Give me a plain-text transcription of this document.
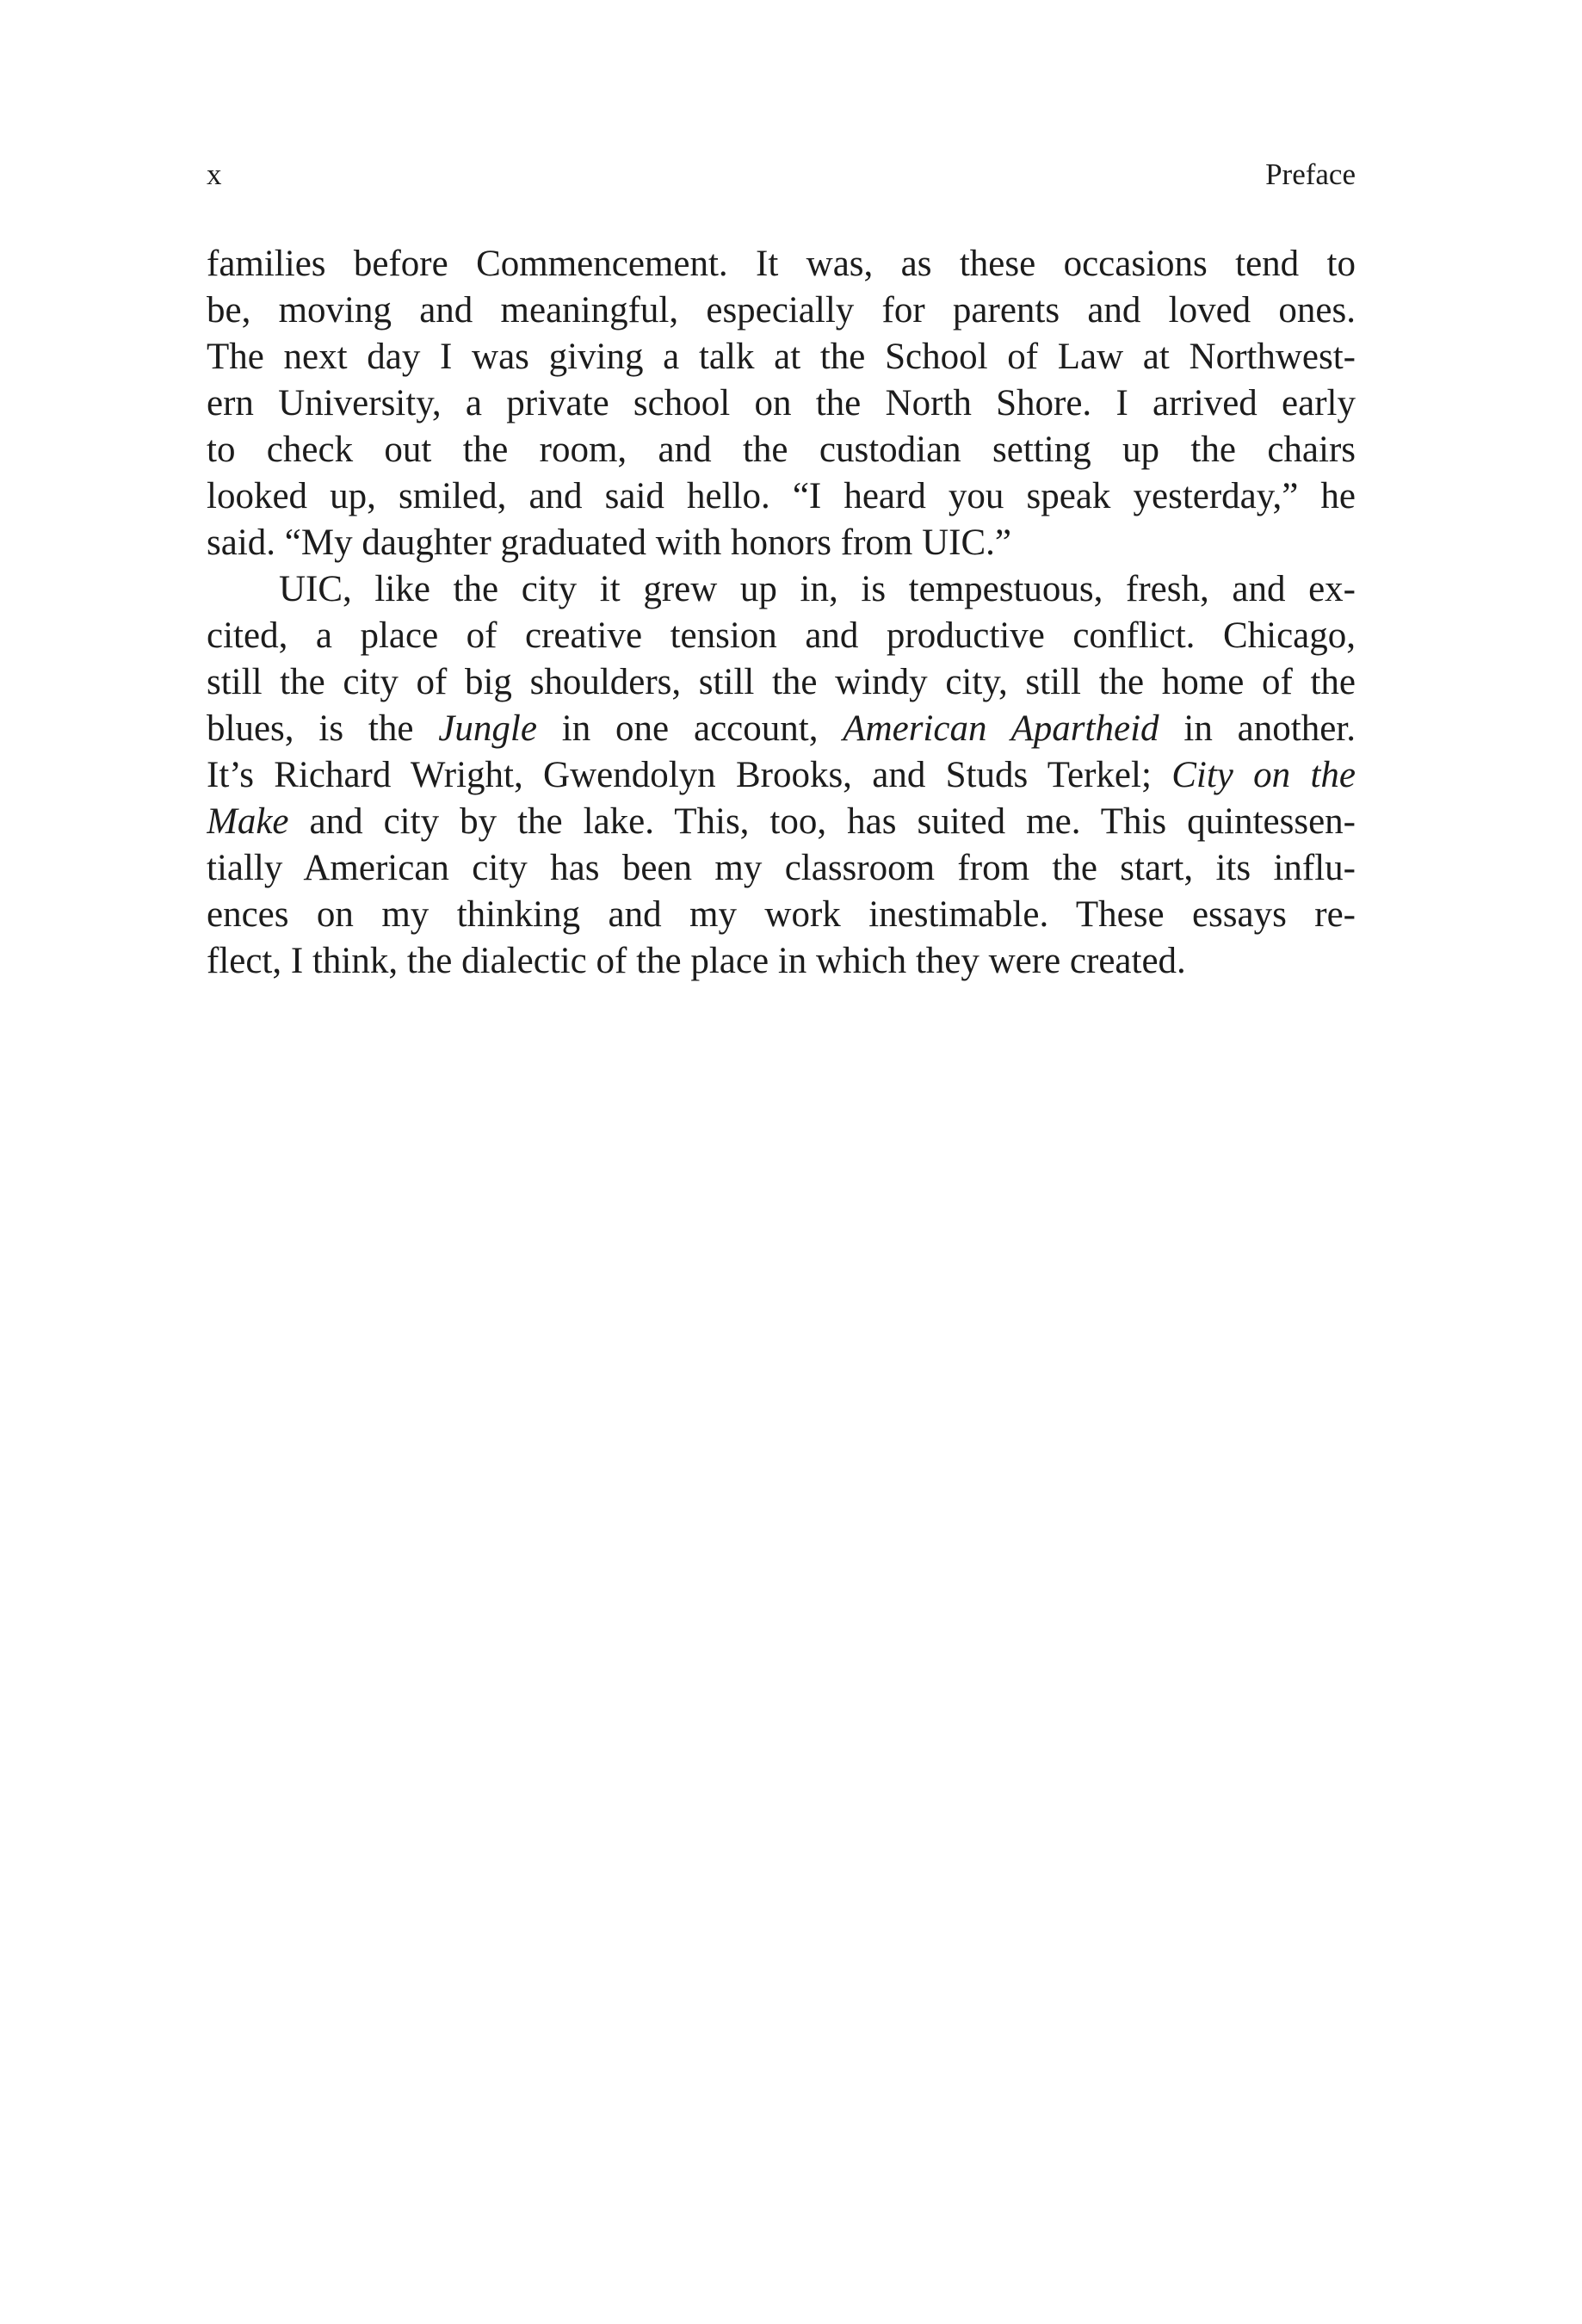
x	Preface
families before Commencement. It was, as these occasions tend to
be, moving and meaningful, especially for parents and loved ones.
The next day I was giving a talk at the School of Law at Northwest-
ern University, a private school on the North Shore. I arrived early
to check out the room, and the custodian setting up the chairs
looked up, smiled, and said hello. “I heard you speak yesterday,” he
said. “My daughter graduated with honors from UIC.”
UIC, like the city it grew up in, is tempestuous, fresh, and ex-
cited, a place of creative tension and productive conflict. Chicago,
still the city of big shoulders, still the windy city, still the home of the
blues, is the Jungle in one account, American Apartheid in another.
It’s Richard Wright, Gwendolyn Brooks, and Studs Terkel; City on the
Make and city by the lake. This, too, has suited me. This quintessen-
tially American city has been my classroom from the start, its influ-
ences on my thinking and my work inestimable. These essays re-
flect, I think, the dialectic of the place in which they were created.
